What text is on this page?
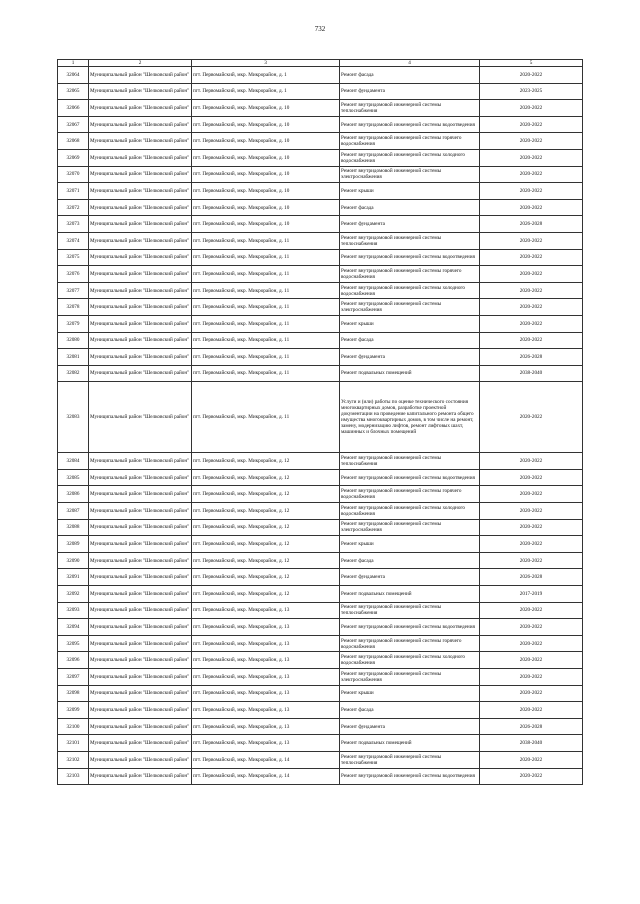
732
1	2	3	4	5
32064	Муниципальный район "Шелковский район"	пгт. Первомайский, мкр. Микрорайон, д. 1	Ремонт фасада	2020-2022
32065	Муниципальный район "Шелковский район"	пгт. Первомайский, мкр. Микрорайон, д. 1	Ремонт фундамента	2023-2025
32066	Муниципальный район "Шелковский район"	пгт. Первомайский, мкр. Микрорайон, д. 10	Ремонт внутридомовой инженерной системы теплоснабжения	2020-2022
32067	Муниципальный район "Шелковский район"	пгт. Первомайский, мкр. Микрорайон, д. 10	Ремонт внутридомовой инженерной системы водоотведения	2020-2022
32068	Муниципальный район "Шелковский район"	пгт. Первомайский, мкр. Микрорайон, д. 10	Ремонт внутридомовой инженерной системы горячего водоснабжения	2020-2022
32069	Муниципальный район "Шелковский район"	пгт. Первомайский, мкр. Микрорайон, д. 10	Ремонт внутридомовой инженерной системы холодного водоснабжения	2020-2022
32070	Муниципальный район "Шелковский район"	пгт. Первомайский, мкр. Микрорайон, д. 10	Ремонт внутридомовой инженерной системы электроснабжения	2020-2022
32071	Муниципальный район "Шелковский район"	пгт. Первомайский, мкр. Микрорайон, д. 10	Ремонт крыши	2020-2022
32072	Муниципальный район "Шелковский район"	пгт. Первомайский, мкр. Микрорайон, д. 10	Ремонт фасада	2020-2022
32073	Муниципальный район "Шелковский район"	пгт. Первомайский, мкр. Микрорайон, д. 10	Ремонт фундамента	2026-2028
32074	Муниципальный район "Шелковский район"	пгт. Первомайский, мкр. Микрорайон, д. 11	Ремонт внутридомовой инженерной системы теплоснабжения	2020-2022
32075	Муниципальный район "Шелковский район"	пгт. Первомайский, мкр. Микрорайон, д. 11	Ремонт внутридомовой инженерной системы водоотведения	2020-2022
32076	Муниципальный район "Шелковский район"	пгт. Первомайский, мкр. Микрорайон, д. 11	Ремонт внутридомовой инженерной системы горячего водоснабжения	2020-2022
32077	Муниципальный район "Шелковский район"	пгт. Первомайский, мкр. Микрорайон, д. 11	Ремонт внутридомовой инженерной системы холодного водоснабжения	2020-2022
32078	Муниципальный район "Шелковский район"	пгт. Первомайский, мкр. Микрорайон, д. 11	Ремонт внутридомовой инженерной системы электроснабжения	2020-2022
32079	Муниципальный район "Шелковский район"	пгт. Первомайский, мкр. Микрорайон, д. 11	Ремонт крыши	2020-2022
32080	Муниципальный район "Шелковский район"	пгт. Первомайский, мкр. Микрорайон, д. 11	Ремонт фасада	2020-2022
32081	Муниципальный район "Шелковский район"	пгт. Первомайский, мкр. Микрорайон, д. 11	Ремонт фундамента	2026-2028
32082	Муниципальный район "Шелковский район"	пгт. Первомайский, мкр. Микрорайон, д. 11	Ремонт подвальных помещений	2038-2040
32083	Муниципальный район "Шелковский район"	пгт. Первомайский, мкр. Микрорайон, д. 11	Услуги и (или) работы по оценке технического состояния многоквартирных домов, разработке проектной документации на проведение капитального ремонта общего имущества многоквартирных домов, в том числе на ремонт, замену, модернизацию лифтов, ремонт лифтовых шахт, машинных и блочных помещений	2020-2022
32084	Муниципальный район "Шелковский район"	пгт. Первомайский, мкр. Микрорайон, д. 12	Ремонт внутридомовой инженерной системы теплоснабжения	2020-2022
32085	Муниципальный район "Шелковский район"	пгт. Первомайский, мкр. Микрорайон, д. 12	Ремонт внутридомовой инженерной системы водоотведения	2020-2022
32086	Муниципальный район "Шелковский район"	пгт. Первомайский, мкр. Микрорайон, д. 12	Ремонт внутридомовой инженерной системы горячего водоснабжения	2020-2022
32087	Муниципальный район "Шелковский район"	пгт. Первомайский, мкр. Микрорайон, д. 12	Ремонт внутридомовой инженерной системы холодного водоснабжения	2020-2022
32088	Муниципальный район "Шелковский район"	пгт. Первомайский, мкр. Микрорайон, д. 12	Ремонт внутридомовой инженерной системы электроснабжения	2020-2022
32089	Муниципальный район "Шелковский район"	пгт. Первомайский, мкр. Микрорайон, д. 12	Ремонт крыши	2020-2022
32090	Муниципальный район "Шелковский район"	пгт. Первомайский, мкр. Микрорайон, д. 12	Ремонт фасада	2020-2022
32091	Муниципальный район "Шелковский район"	пгт. Первомайский, мкр. Микрорайон, д. 12	Ремонт фундамента	2026-2028
32092	Муниципальный район "Шелковский район"	пгт. Первомайский, мкр. Микрорайон, д. 12	Ремонт подвальных помещений	2017-2019
32093	Муниципальный район "Шелковский район"	пгт. Первомайский, мкр. Микрорайон, д. 13	Ремонт внутридомовой инженерной системы теплоснабжения	2020-2022
32094	Муниципальный район "Шелковский район"	пгт. Первомайский, мкр. Микрорайон, д. 13	Ремонт внутридомовой инженерной системы водоотведения	2020-2022
32095	Муниципальный район "Шелковский район"	пгт. Первомайский, мкр. Микрорайон, д. 13	Ремонт внутридомовой инженерной системы горячего водоснабжения	2020-2022
32096	Муниципальный район "Шелковский район"	пгт. Первомайский, мкр. Микрорайон, д. 13	Ремонт внутридомовой инженерной системы холодного водоснабжения	2020-2022
32097	Муниципальный район "Шелковский район"	пгт. Первомайский, мкр. Микрорайон, д. 13	Ремонт внутридомовой инженерной системы электроснабжения	2020-2022
32098	Муниципальный район "Шелковский район"	пгт. Первомайский, мкр. Микрорайон, д. 13	Ремонт крыши	2020-2022
32099	Муниципальный район "Шелковский район"	пгт. Первомайский, мкр. Микрорайон, д. 13	Ремонт фасада	2020-2022
32100	Муниципальный район "Шелковский район"	пгт. Первомайский, мкр. Микрорайон, д. 13	Ремонт фундамента	2026-2028
32101	Муниципальный район "Шелковский район"	пгт. Первомайский, мкр. Микрорайон, д. 13	Ремонт подвальных помещений	2038-2040
32102	Муниципальный район "Шелковский район"	пгт. Первомайский, мкр. Микрорайон, д. 14	Ремонт внутридомовой инженерной системы теплоснабжения	2020-2022
32103	Муниципальный район "Шелковский район"	пгт. Первомайский, мкр. Микрорайон, д. 14	Ремонт внутридомовой инженерной системы водоотведения	2020-2022
